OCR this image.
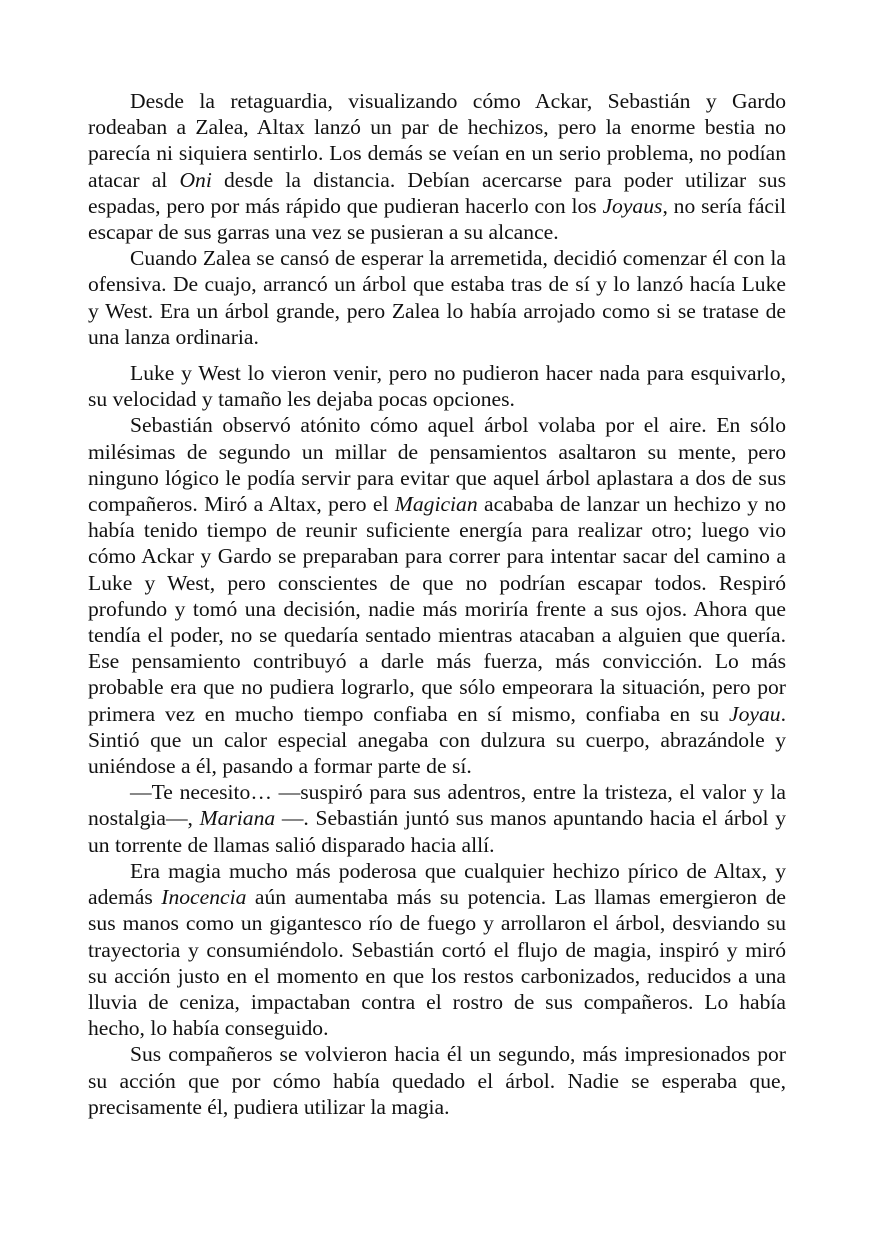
Desde la retaguardia, visualizando cómo Ackar, Sebastián y Gardo rodeaban a Zalea, Altax lanzó un par de hechizos, pero la enorme bestia no parecía ni siquiera sentirlo. Los demás se veían en un serio problema, no podían atacar al Oni desde la distancia. Debían acercarse para poder utilizar sus espadas, pero por más rápido que pudieran hacerlo con los Joyaus, no sería fácil escapar de sus garras una vez se pusieran a su alcance.

Cuando Zalea se cansó de esperar la arremetida, decidió comenzar él con la ofensiva. De cuajo, arrancó un árbol que estaba tras de sí y lo lanzó hacía Luke y West. Era un árbol grande, pero Zalea lo había arrojado como si se tratase de una lanza ordinaria.

Luke y West lo vieron venir, pero no pudieron hacer nada para esquivarlo, su velocidad y tamaño les dejaba pocas opciones.

Sebastián observó atónito cómo aquel árbol volaba por el aire. En sólo milésimas de segundo un millar de pensamientos asaltaron su mente, pero ninguno lógico le podía servir para evitar que aquel árbol aplastara a dos de sus compañeros. Miró a Altax, pero el Magician acababa de lanzar un hechizo y no había tenido tiempo de reunir suficiente energía para realizar otro; luego vio cómo Ackar y Gardo se preparaban para correr para intentar sacar del camino a Luke y West, pero conscientes de que no podrían escapar todos. Respiró profundo y tomó una decisión, nadie más moriría frente a sus ojos. Ahora que tendía el poder, no se quedaría sentado mientras atacaban a alguien que quería. Ese pensamiento contribuyó a darle más fuerza, más convicción. Lo más probable era que no pudiera lograrlo, que sólo empeorara la situación, pero por primera vez en mucho tiempo confiaba en sí mismo, confiaba en su Joyau. Sintió que un calor especial anegaba con dulzura su cuerpo, abrazándole y uniéndose a él, pasando a formar parte de sí.

—Te necesito… —suspiró para sus adentros, entre la tristeza, el valor y la nostalgia—, Mariana —. Sebastián juntó sus manos apuntando hacia el árbol y un torrente de llamas salió disparado hacia allí.

Era magia mucho más poderosa que cualquier hechizo pírico de Altax, y además Inocencia aún aumentaba más su potencia. Las llamas emergieron de sus manos como un gigantesco río de fuego y arrollaron el árbol, desviando su trayectoria y consumiéndolo. Sebastián cortó el flujo de magia, inspiró y miró su acción justo en el momento en que los restos carbonizados, reducidos a una lluvia de ceniza, impactaban contra el rostro de sus compañeros. Lo había hecho, lo había conseguido.

Sus compañeros se volvieron hacia él un segundo, más impresionados por su acción que por cómo había quedado el árbol. Nadie se esperaba que, precisamente él, pudiera utilizar la magia.
